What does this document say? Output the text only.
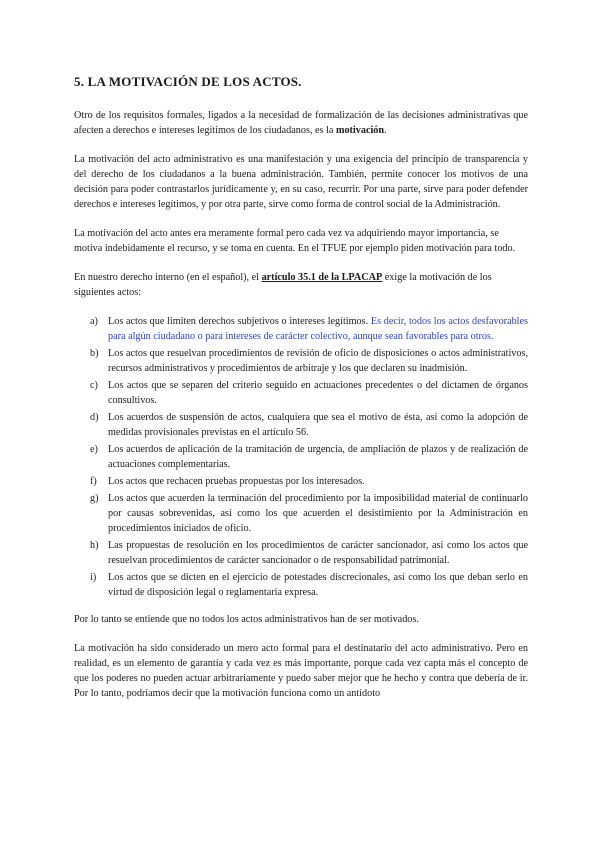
5. LA MOTIVACIÓN DE LOS ACTOS.

Otro de los requisitos formales, ligados a la necesidad de formalización de las decisiones administrativas que afecten a derechos e intereses legítimos de los ciudadanos, es la motivación.

La motivación del acto administrativo es una manifestación y una exigencia del principio de transparencia y del derecho de los ciudadanos a la buena administración. También, permite conocer los motivos de una decisión para poder contrastarlos jurídicamente y, en su caso, recurrir. Por una parte, sirve para poder defender derechos e intereses legítimos, y por otra parte, sirve como forma de control social de la Administración.

La motivación del acto antes era meramente formal pero cada vez va adquiriendo mayor importancia, se motiva indebidamente el recurso, y se toma en cuenta. En el TFUE por ejemplo piden motivación para todo.

En nuestro derecho interno (en el español), el artículo 35.1 de la LPACAP exige la motivación de los siguientes actos:

a) Los actos que limiten derechos subjetivos o intereses legítimos. Es decir, todos los actos desfavorables para algún ciudadano o para intereses de carácter colectivo, aunque sean favorables para otros.
b) Los actos que resuelvan procedimientos de revisión de oficio de disposiciones o actos administrativos, recursos administrativos y procedimientos de arbitraje y los que declaren su inadmisión.
c) Los actos que se separen del criterio seguido en actuaciones precedentes o del dictamen de órganos consultivos.
d) Los acuerdos de suspensión de actos, cualquiera que sea el motivo de ésta, así como la adopción de medidas provisionales previstas en el artículo 56.
e) Los acuerdos de aplicación de la tramitación de urgencia, de ampliación de plazos y de realización de actuaciones complementarias.
f) Los actos que rechacen pruebas propuestas por los interesados.
g) Los actos que acuerden la terminación del procedimiento por la imposibilidad material de continuarlo por causas sobrevenidas, así como los que acuerden el desistimiento por la Administración en procedimientos iniciados de oficio.
h) Las propuestas de resolución en los procedimientos de carácter sancionador, así como los actos que resuelvan procedimientos de carácter sancionador o de responsabilidad patrimonial.
i) Los actos que se dicten en el ejercicio de potestades discrecionales, así como los que deban serlo en virtud de disposición legal o reglamentaria expresa.

Por lo tanto se entiende que no todos los actos administrativos han de ser motivados.

La motivación ha sido considerado un mero acto formal para el destinatario del acto administrativo. Pero en realidad, es un elemento de garantía y cada vez es más importante, porque cada vez capta más el concepto de que los poderes no pueden actuar arbitrariamente y puedo saber mejor que he hecho y contra que debería de ir. Por lo tanto, podríamos decir que la motivación funciona como un antídoto
